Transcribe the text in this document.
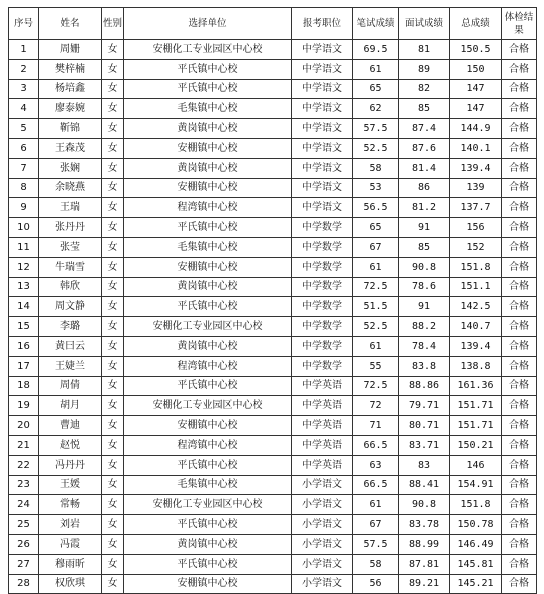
序号	姓名	性别	选择单位	报考职位	笔试成绩	面试成绩	总成绩	体检结果
1	周姗	女	安棚化工专业园区中心校	中学语文	69.5	81	150.5	合格
2	樊梓楠	女	平氏镇中心校	中学语文	61	89	150	合格
3	杨培鑫	女	平氏镇中心校	中学语文	65	82	147	合格
4	廖泰婉	女	毛集镇中心校	中学语文	62	85	147	合格
5	靳锦	女	黄岗镇中心校	中学语文	57.5	87.4	144.9	合格
6	王森茂	女	安棚镇中心校	中学语文	52.5	87.6	140.1	合格
7	张娴	女	黄岗镇中心校	中学语文	58	81.4	139.4	合格
8	余晓燕	女	安棚镇中心校	中学语文	53	86	139	合格
9	王瑞	女	程湾镇中心校	中学语文	56.5	81.2	137.7	合格
10	张丹丹	女	平氏镇中心校	中学数学	65	91	156	合格
11	张莹	女	毛集镇中心校	中学数学	67	85	152	合格
12	牛瑞雪	女	安棚镇中心校	中学数学	61	90.8	151.8	合格
13	韩欣	女	黄岗镇中心校	中学数学	72.5	78.6	151.1	合格
14	周文静	女	平氏镇中心校	中学数学	51.5	91	142.5	合格
15	李璐	女	安棚化工专业园区中心校	中学数学	52.5	88.2	140.7	合格
16	黄曰云	女	黄岗镇中心校	中学数学	61	78.4	139.4	合格
17	王婕兰	女	程湾镇中心校	中学数学	55	83.8	138.8	合格
18	周倩	女	平氏镇中心校	中学英语	72.5	88.86	161.36	合格
19	胡月	女	安棚化工专业园区中心校	中学英语	72	79.71	151.71	合格
20	曹迪	女	安棚镇中心校	中学英语	71	80.71	151.71	合格
21	赵悦	女	程湾镇中心校	中学英语	66.5	83.71	150.21	合格
22	冯丹丹	女	平氏镇中心校	中学英语	63	83	146	合格
23	王媛	女	毛集镇中心校	小学语文	66.5	88.41	154.91	合格
24	常畅	女	安棚化工专业园区中心校	小学语文	61	90.8	151.8	合格
25	刘岩	女	平氏镇中心校	小学语文	67	83.78	150.78	合格
26	冯霞	女	黄岗镇中心校	小学语文	57.5	88.99	146.49	合格
27	穆雨昕	女	平氏镇中心校	小学语文	58	87.81	145.81	合格
28	权欣琪	女	安棚镇中心校	小学语文	56	89.21	145.21	合格
